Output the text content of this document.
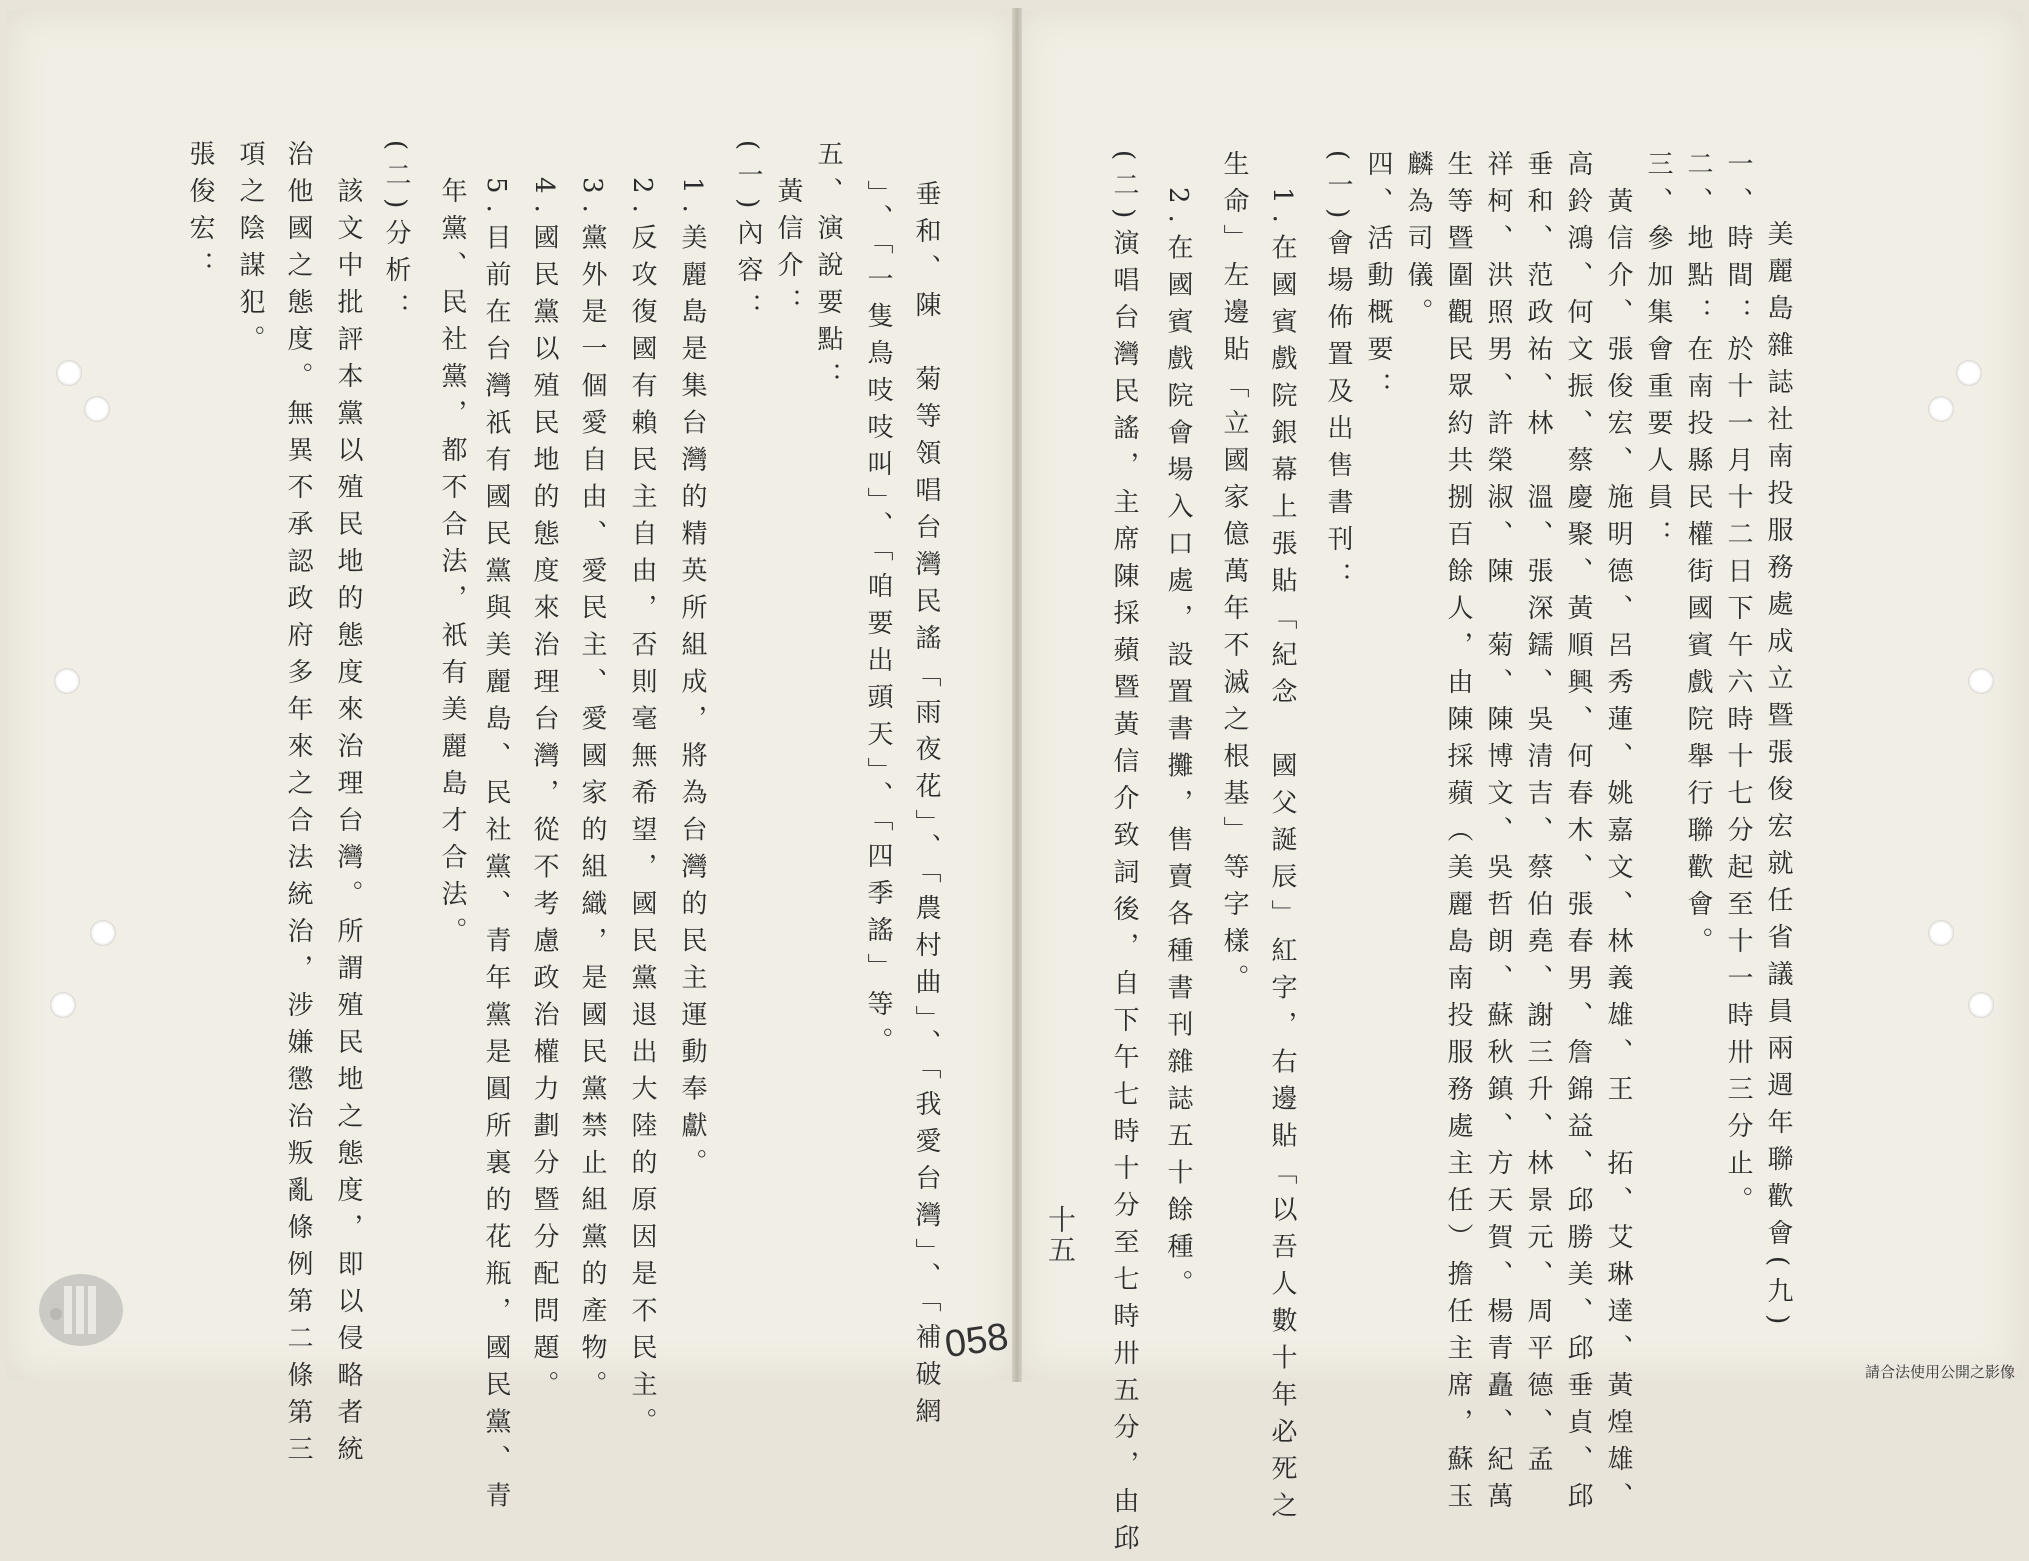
美麗島雜誌社南投服務處成立暨張俊宏就任省議員兩週年聯歡會(九)
一、時間：於十一月十二日下午六時十七分起至十一時卅三分止。
二、地點：在南投縣民權街國賓戲院舉行聯歡會。
三、參加集會重要人員：
　黃信介、張俊宏、施明德、呂秀蓮、姚嘉文、林義雄、王　拓、艾琳達、黃煌雄、
高鈴鴻、何文振、蔡慶聚、黃順興、何春木、張春男、詹錦益、邱勝美、邱垂貞、邱
垂和、范政祐、林　溫、張深鑐、吳清吉、蔡伯堯、謝三升、林景元、周平德、孟
祥柯、洪照男、許榮淑、陳　菊、陳博文、吳哲朗、蘇秋鎮、方天賀、楊青矗、紀萬
生等暨圍觀民眾約共捌百餘人，由陳採蘋（美麗島南投服務處主任）擔任主席，蘇玉
麟為司儀。
四、活動概要：
(一)會場佈置及出售書刊：
　1.在國賓戲院銀幕上張貼「紀念　國父誕辰」紅字，右邊貼「以吾人數十年必死之
生命」左邊貼「立國家億萬年不滅之根基」等字樣。
　2.在國賓戲院會場入口處，設置書攤，售賣各種書刊雜誌五十餘種。
(二)演唱台灣民謠，主席陳採蘋暨黃信介致詞後，自下午七時十分至七時卅五分，由邱
垂和、陳　菊等領唱台灣民謠「雨夜花」、「農村曲」、「我愛台灣」、「補破網
」、「一隻鳥吱吱叫」、「咱要出頭天」、「四季謠」等。
五、演說要點：
　黃信介：
(一)內容：
　1.美麗島是集台灣的精英所組成，將為台灣的民主運動奉獻。
　2.反攻復國有賴民主自由，否則毫無希望，國民黨退出大陸的原因是不民主。
　3.黨外是一個愛自由、愛民主、愛國家的組織，是國民黨禁止組黨的產物。
　4.國民黨以殖民地的態度來治理台灣，從不考慮政治權力劃分暨分配問題。
　5.目前在台灣祇有國民黨與美麗島、民社黨、青年黨是圓所裏的花瓶，國民黨、青
　年黨、民社黨，都不合法，祇有美麗島才合法。
(二)分析：
　該文中批評本黨以殖民地的態度來治理台灣。所謂殖民地之態度，即以侵略者統
治他國之態度。無異不承認政府多年來之合法統治，涉嫌懲治叛亂條例第二條第三
項之陰謀犯。
張俊宏：
十五
058
請合法使用公開之影像
